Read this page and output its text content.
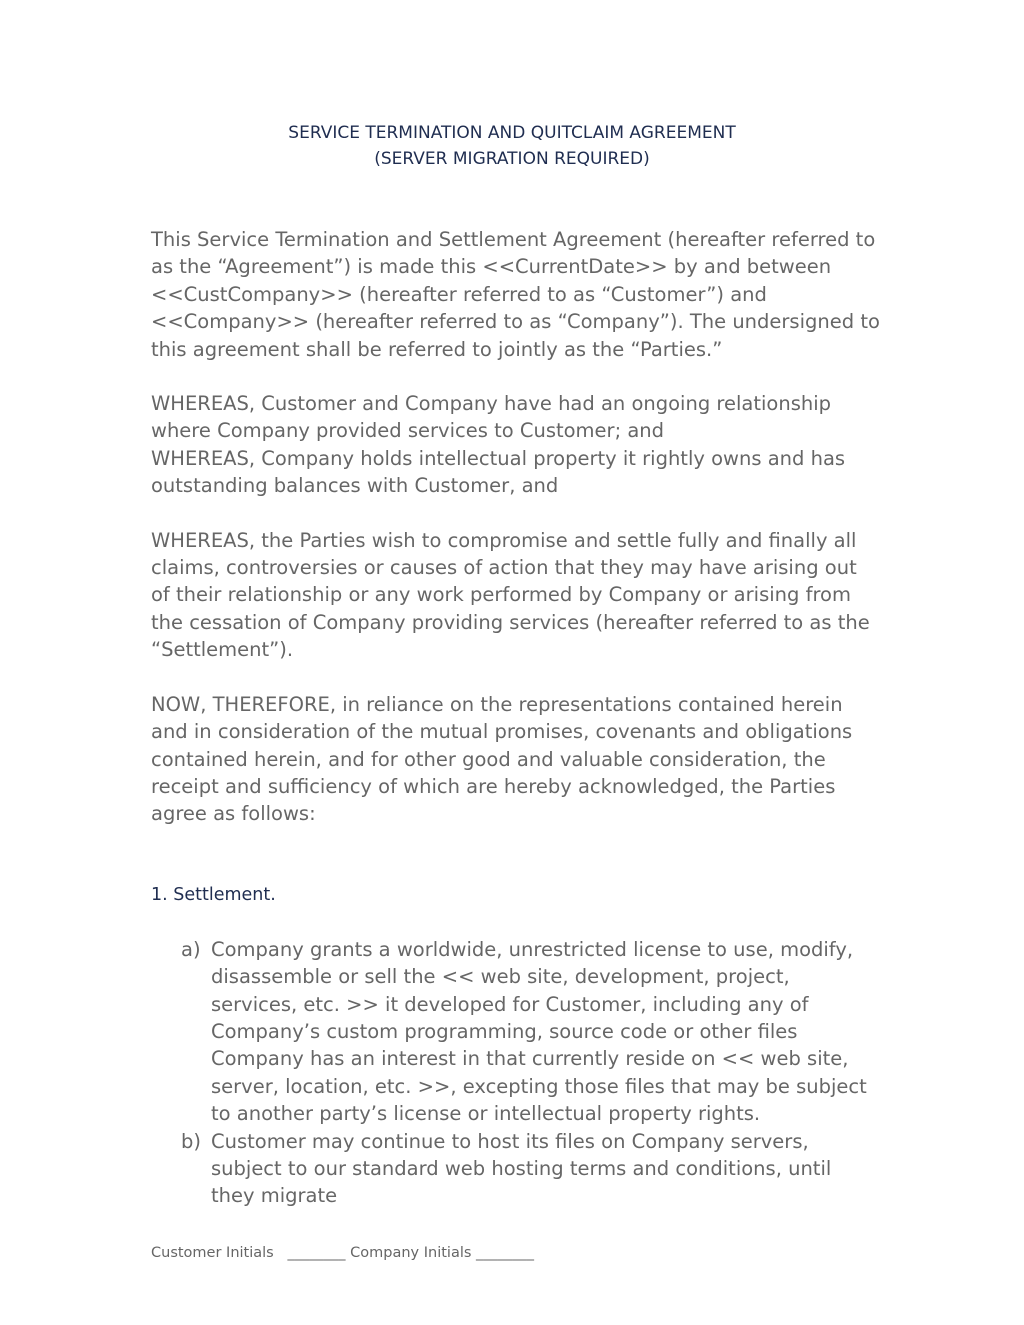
SERVICE TERMINATION AND QUITCLAIM AGREEMENT
(SERVER MIGRATION REQUIRED)

This Service Termination and Settlement Agreement (hereafter referred to as the “Agreement”) is made this <<CurrentDate>> by and between <<CustCompany>> (hereafter referred to as “Customer”) and <<Company>> (hereafter referred to as “Company”). The undersigned to this agreement shall be referred to jointly as the “Parties.”

WHEREAS, Customer and Company have had an ongoing relationship where Company provided services to Customer; and

WHEREAS, Company holds intellectual property it rightly owns and has outstanding balances with Customer, and

WHEREAS, the Parties wish to compromise and settle fully and finally all claims, controversies or causes of action that they may have arising out of their relationship or any work performed by Company or arising from the cessation of Company providing services (hereafter referred to as the “Settlement”).

NOW, THEREFORE, in reliance on the representations contained herein and in consideration of the mutual promises, covenants and obligations contained herein, and for other good and valuable consideration, the receipt and sufficiency of which are hereby acknowledged, the Parties agree as follows:

1. Settlement.

a) Company grants a worldwide, unrestricted license to use, modify, disassemble or sell the << web site, development, project, services, etc. >> it developed for Customer, including any of Company’s custom programming, source code or other files Company has an interest in that currently reside on << web site, server, location, etc. >>, excepting those files that may be subject to another party’s license or intellectual property rights.
b) Customer may continue to host its files on Company servers, subject to our standard web hosting terms and conditions, until they migrate
Customer Initials   ________ Company Initials ________
